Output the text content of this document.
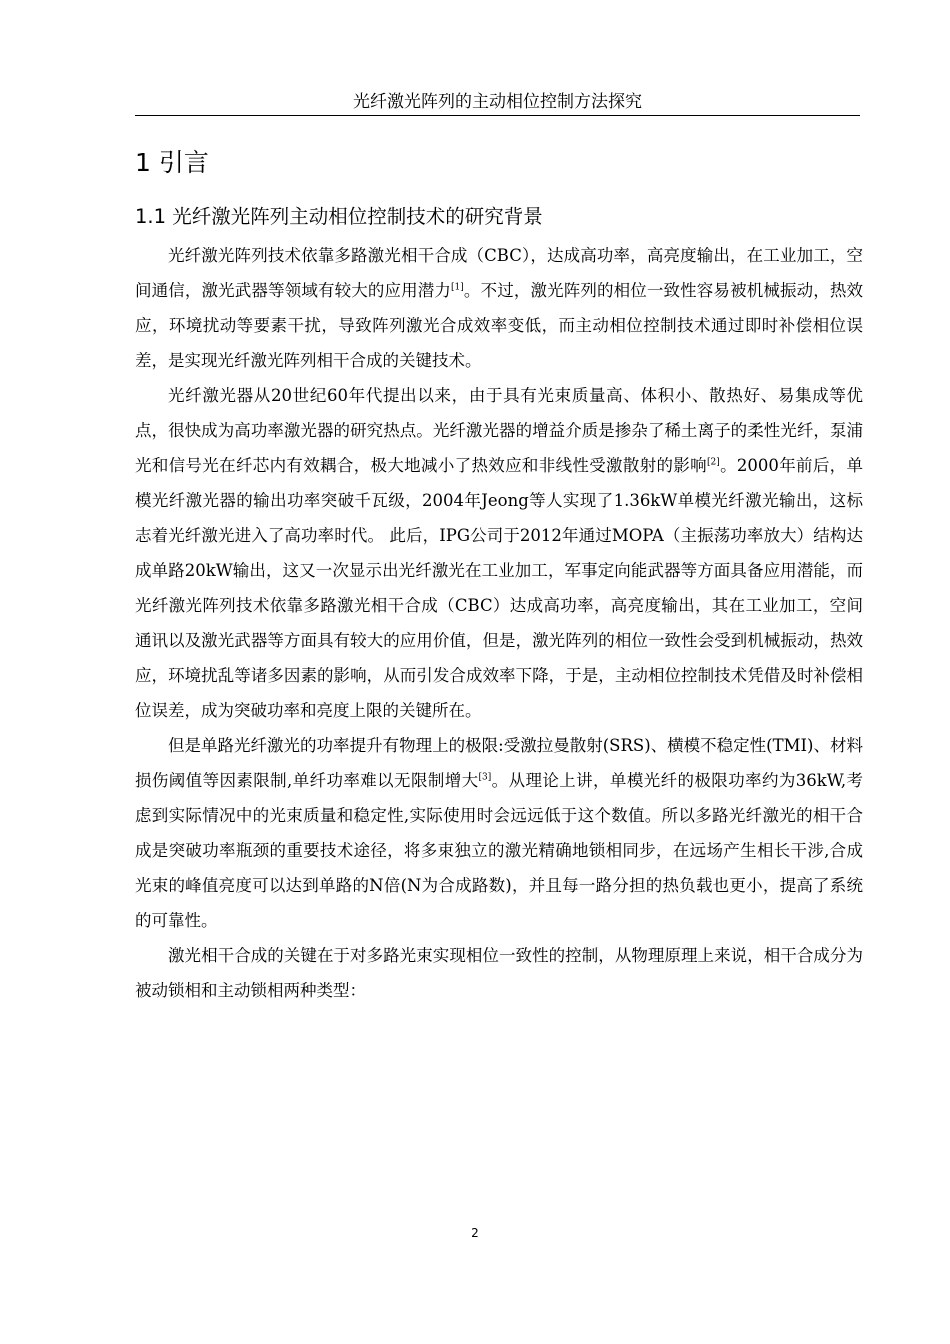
光纤激光阵列的主动相位控制方法探究
1 引言
1.1 光纤激光阵列主动相位控制技术的研究背景

光纤激光阵列技术依靠多路激光相干合成（CBC），达成高功率，高亮度输出，在工业加工，空间通信，激光武器等领域有较大的应用潜力[1]。不过，激光阵列的相位一致性容易被机械振动，热效应，环境扰动等要素干扰，导致阵列激光合成效率变低，而主动相位控制技术通过即时补偿相位误差，是实现光纤激光阵列相干合成的关键技术。

光纤激光器从20世纪60年代提出以来，由于具有光束质量高、体积小、散热好、易集成等优点，很快成为高功率激光器的研究热点。光纤激光器的增益介质是掺杂了稀土离子的柔性光纤，泵浦光和信号光在纤芯内有效耦合，极大地减小了热效应和非线性受激散射的影响[2]。2000年前后，单模光纤激光器的输出功率突破千瓦级，2004年Jeong等人实现了1.36kW单模光纤激光输出，这标志着光纤激光进入了高功率时代。 此后，IPG公司于2012年通过MOPA（主振荡功率放大）结构达成单路20kW输出，这又一次显示出光纤激光在工业加工，军事定向能武器等方面具备应用潜能，而光纤激光阵列技术依靠多路激光相干合成（CBC）达成高功率，高亮度输出，其在工业加工，空间通讯以及激光武器等方面具有较大的应用价值，但是，激光阵列的相位一致性会受到机械振动，热效应，环境扰乱等诸多因素的影响，从而引发合成效率下降，于是，主动相位控制技术凭借及时补偿相位误差，成为突破功率和亮度上限的关键所在。

但是单路光纤激光的功率提升有物理上的极限:受激拉曼散射(SRS)、横模不稳定性(TMI)、材料损伤阈值等因素限制,单纤功率难以无限制增大[3]。从理论上讲，单模光纤的极限功率约为36kW,考虑到实际情况中的光束质量和稳定性,实际使用时会远远低于这个数值。所以多路光纤激光的相干合成是突破功率瓶颈的重要技术途径，将多束独立的激光精确地锁相同步，在远场产生相长干涉,合成光束的峰值亮度可以达到单路的N倍(N为合成路数)，并且每一路分担的热负载也更小，提高了系统的可靠性。

激光相干合成的关键在于对多路光束实现相位一致性的控制，从物理原理上来说，相干合成分为被动锁相和主动锁相两种类型：

2
